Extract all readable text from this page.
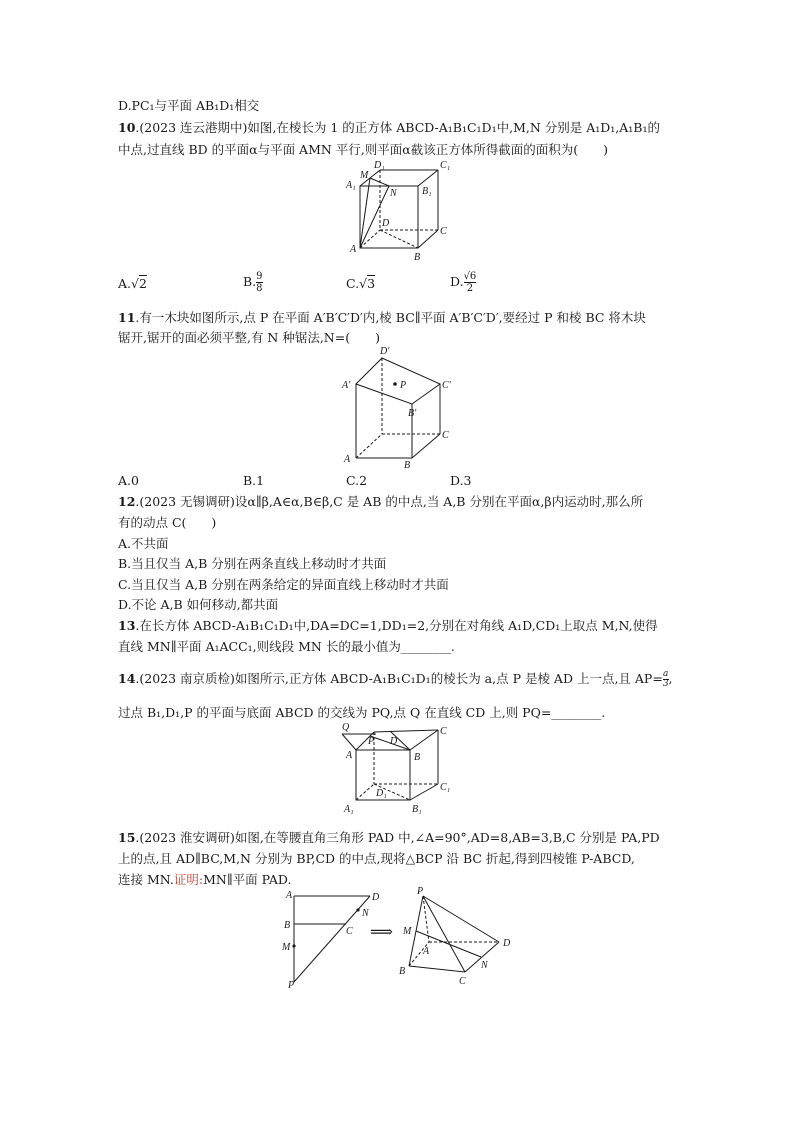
D.PC₁与平面 AB₁D₁相交
10.(2023 连云港期中)如图,在棱长为 1 的正方体 ABCD-A₁B₁C₁D₁中,M,N 分别是 A₁D₁,A₁B₁的
中点,过直线 BD 的平面α与平面 AMN 平行,则平面α截该正方体所得截面的面积为(　　)
D₁	C₁
A₁
M
N	B₁
D
C
A
B
A.√2	B. $\frac{9}{8}$	C.√3	D. $\frac{√6}{2}$
11.有一木块如图所示,点 P 在平面 A′B′C′D′内,棱 BC∥平面 A′B′C′D′,要经过 P 和棱 BC 将木块
锯开,锯开的面必须平整,有 N 种锯法,N=(　　)
D′
A′	P	C′
B′
C
A
B
A.0	B.1	C.2	D.3
12.(2023 无锡调研)设α∥β,A∈α,B∈β,C 是 AB 的中点,当 A,B 分别在平面α,β内运动时,那么所
有的动点 C(　　)
A.不共面
B.当且仅当 A,B 分别在两条直线上移动时才共面
C.当且仅当 A,B 分别在两条给定的异面直线上移动时才共面
D.不论 A,B 如何移动,都共面
13.在长方体 ABCD-A₁B₁C₁D₁中,DA=DC=1,DD₁=2,分别在对角线 A₁D,CD₁上取点 M,N,使得
直线 MN∥平面 A₁ACC₁,则线段 MN 长的最小值为________.
14.(2023 南京质检)如图所示,正方体 ABCD-A₁B₁C₁D₁的棱长为 a,点 P 是棱 AD 上一点,且 $AP= \frac{a}{3}$ ,
过点 B₁,D₁,P 的平面与底面 ABCD 的交线为 PQ,点 Q 在直线 CD 上,则 PQ=________.
Q
P D
C
A	B
D₁
C₁
A₁	B₁
15.(2023 淮安调研)如图,在等腰直角三角形 PAD 中,∠A=90°,AD=8,AB=3,B,C 分别是 PA,PD
上的点,且 AD∥BC,M,N 分别为 BP,CD 的中点,现将△BCP 沿 BC 折起,得到四棱锥 P-ABCD,
连接 MN.证明:MN∥平面 PAD.
A	D
B
N
C
M
P
⟹
P
M
A
D
B
N
C
